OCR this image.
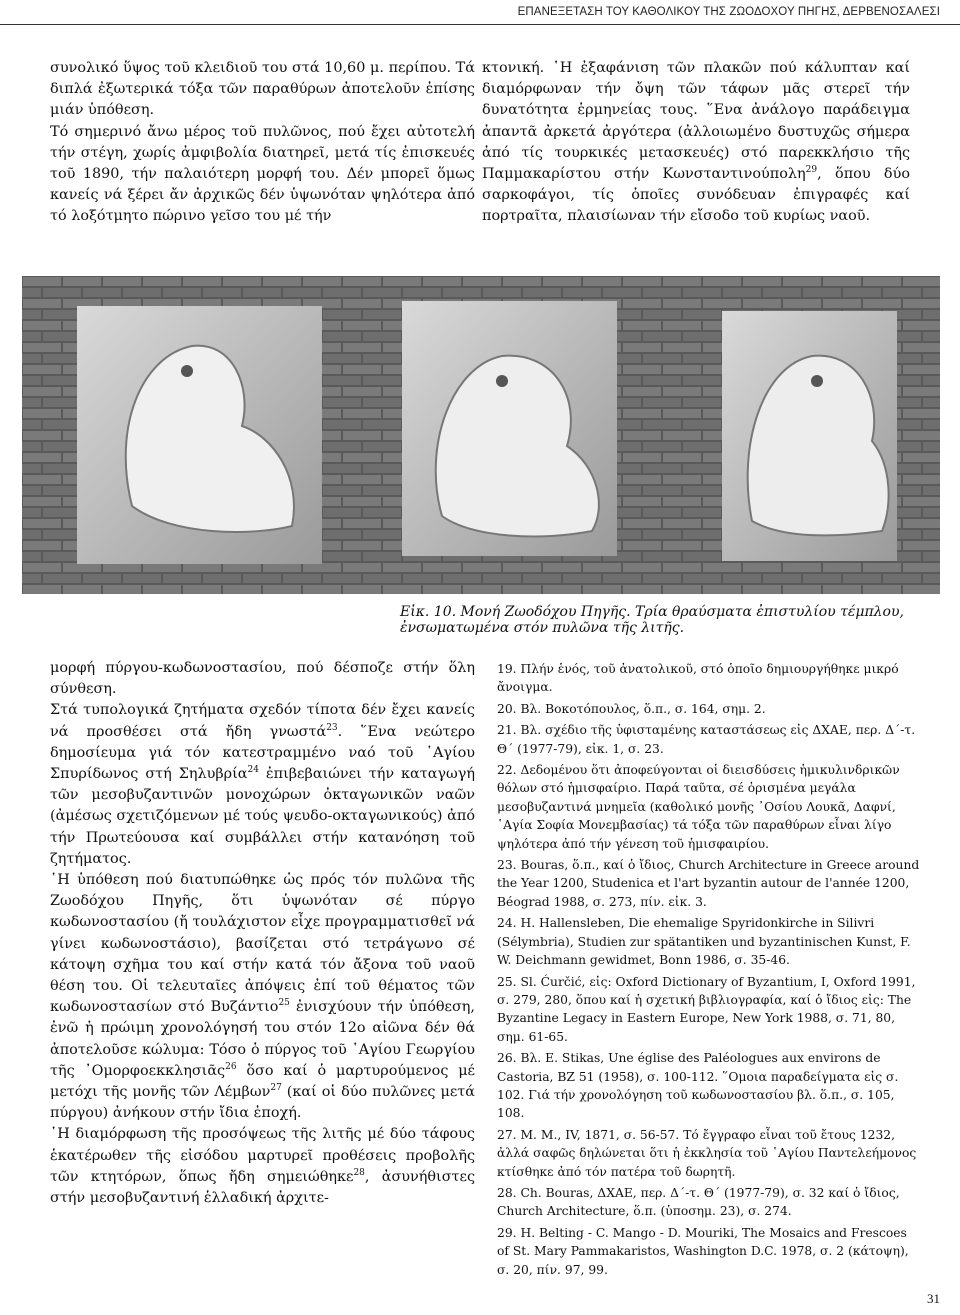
ΕΠΑΝΕΞΕΤΑΣΗ ΤΟΥ ΚΑΘΟΛΙΚΟΥ ΤΗΣ ΖΩΟΔΟΧΟΥ ΠΗΓΗΣ, ΔΕΡΒΕΝΟΣΑΛΕΣΙ

συνολικό ὕψος τοῦ κλειδιοῦ του στά 10,60 μ. περίπου. Τά διπλά ἐξωτερικά τόξα τῶν παραθύρων ἀποτελοῦν ἐπίσης μιάν ὑπόθεση.

Τό σημερινό ἄνω μέρος τοῦ πυλῶνος, πού ἔχει αὐτοτελή τήν στέγη, χωρίς ἀμφιβολία διατηρεῖ, μετά τίς ἐπισκευές τοῦ 1890, τήν παλαιότερη μορφή του. Δέν μπορεῖ ὅμως κανείς νά ξέρει ἄν ἀρχικῶς δέν ὑψωνόταν ψηλότερα ἀπό τό λοξότμητο πώρινο γεῖσο του μέ τήν

κτονική. ῾Η ἐξαφάνιση τῶν πλακῶν πού κάλυπταν καί διαμόρφωναν τήν ὄψη τῶν τάφων μᾶς στερεῖ τήν δυνατότητα ἑρμηνείας τους. ῞Ενα ἀνάλογο παράδειγμα ἀπαντᾶ ἀρκετά ἀργότερα (ἀλλοιωμένο δυστυχῶς σήμερα ἀπό τίς τουρκικές μετασκευές) στό παρεκκλήσιο τῆς Παμμακαρίστου στήν Κωνσταντινούπολη$^{29}$, ὅπου δύο σαρκοφάγοι, τίς ὁποῖες συνόδευαν ἐπιγραφές καί πορτραῖτα, πλαισίωναν τήν εἴσοδο τοῦ κυρίως ναοῦ.

Εἰκ. 10. Μονή Ζωοδόχου Πηγῆς. Τρία θραύσματα ἐπιστυλίου τέμπλου, ἐνσωματωμένα στόν πυλῶνα τῆς λιτῆς.

μορφή πύργου-κωδωνοστασίου, πού δέσποζε στήν ὅλη σύνθεση.

Στά τυπολογικά ζητήματα σχεδόν τίποτα δέν ἔχει κανείς νά προσθέσει στά ἤδη γνωστά$^{23}$. ῞Ενα νεώτερο δημοσίευμα γιά τόν κατεστραμμένο ναό τοῦ ῾Αγίου Σπυρίδωνος στή Σηλυβρία$^{24}$ ἐπιβεβαιώνει τήν καταγωγή τῶν μεσοβυζαντινῶν μονοχώρων ὀκταγωνικῶν ναῶν (ἀμέσως σχετιζόμενων μέ τούς ψευδο-οκταγωνικούς) ἀπό τήν Πρωτεύουσα καί συμβάλλει στήν κατανόηση τοῦ ζητήματος.

῾Η ὑπόθεση πού διατυπώθηκε ὡς πρός τόν πυλῶνα τῆς Ζωοδόχου Πηγῆς, ὅτι ὑψωνόταν σέ πύργο κωδωνοστασίου (ἤ τουλάχιστον εἶχε προγραμματισθεῖ νά γίνει κωδωνοστάσιο), βασίζεται στό τετράγωνο σέ κάτοψη σχῆμα του καί στήν κατά τόν ἄξονα τοῦ ναοῦ θέση του. Οἱ τελευταῖες ἀπόψεις ἐπί τοῦ θέματος τῶν κωδωνοστασίων στό Βυζάντιο$^{25}$ ἐνισχύουν τήν ὑπόθεση, ἐνῶ ἡ πρώιμη χρονολόγησή του στόν 12ο αἰῶνα δέν θά ἀποτελοῦσε κώλυμα: Τόσο ὁ πύργος τοῦ ῾Αγίου Γεωργίου τῆς ᾿Ομορφοεκκλησιᾶς$^{26}$ ὅσο καί ὁ μαρτυρούμενος μέ μετόχι τῆς μονῆς τῶν Λέμβων$^{27}$ (καί οἱ δύο πυλῶνες μετά πύργου) ἀνήκουν στήν ἴδια ἐποχή.

῾Η διαμόρφωση τῆς προσόψεως τῆς λιτῆς μέ δύο τάφους ἑκατέρωθεν τῆς εἰσόδου μαρτυρεῖ προθέσεις προβολῆς τῶν κτητόρων, ὅπως ἤδη σημειώθηκε$^{28}$, ἀσυνήθιστες στήν μεσοβυζαντινή ἑλλαδική ἀρχιτε-

19. Πλήν ἑνός, τοῦ ἀνατολικοῦ, στό ὁποῖο δημιουργήθηκε μικρό ἄνοιγμα.

20. Βλ. Βοκοτόπουλος, ὅ.π., σ. 164, σημ. 2.

21. Βλ. σχέδιο τῆς ὑφισταμένης καταστάσεως εἰς ΔΧΑΕ, περ. Δ΄-τ. Θ΄ (1977-79), εἰκ. 1, σ. 23.

22. Δεδομένου ὅτι ἀποφεύγονται οἱ διεισδύσεις ἡμικυλινδρικῶν θόλων στό ἡμισφαίριο. Παρά ταῦτα, σέ ὁρισμένα μεγάλα μεσοβυζαντινά μνημεῖα (καθολικό μονῆς ᾿Οσίου Λουκᾶ, Δαφνί, ῾Αγία Σοφία Μονεμβασίας) τά τόξα τῶν παραθύρων εἶναι λίγο ψηλότερα ἀπό τήν γένεση τοῦ ἡμισφαιρίου.

23. Bouras, ὅ.π., καί ὁ ἴδιος, Church Architecture in Greece around the Year 1200, Studenica et l'art byzantin autour de l'année 1200, Béograd 1988, σ. 273, πίν. εἰκ. 3.

24. H. Hallensleben, Die ehemalige Spyridonkirche in Silivri (Sélymbria), Studien zur spätantiken und byzantinischen Kunst, F. W. Deichmann gewidmet, Bonn 1986, σ. 35-46.

25. Sl. Ćurčić, εἰς: Oxford Dictionary of Byzantium, I, Oxford 1991, σ. 279, 280, ὅπου καί ἡ σχετική βιβλιογραφία, καί ὁ ἴδιος εἰς: The Byzantine Legacy in Eastern Europe, New York 1988, σ. 71, 80, σημ. 61-65.

26. Βλ. E. Stikas, Une église des Paléologues aux environs de Castoria, BZ 51 (1958), σ. 100-112. ῞Ομοια παραδείγματα εἰς σ. 102. Γιά τήν χρονολόγηση τοῦ κωδωνοστασίου βλ. ὅ.π., σ. 105, 108.

27. M. M., IV, 1871, σ. 56-57. Τό ἔγγραφο εἶναι τοῦ ἔτους 1232, ἀλλά σαφῶς δηλώνεται ὅτι ἡ ἐκκλησία τοῦ ῾Αγίου Παντελεήμονος κτίσθηκε ἀπό τόν πατέρα τοῦ δωρητῆ.

28. Ch. Bouras, ΔΧΑΕ, περ. Δ΄-τ. Θ΄ (1977-79), σ. 32 καί ὁ ἴδιος, Church Architecture, ὅ.π. (ὑποσημ. 23), σ. 274.

29. H. Belting - C. Mango - D. Mouriki, The Mosaics and Frescoes of St. Mary Pammakaristos, Washington D.C. 1978, σ. 2 (κάτοψη), σ. 20, πίν. 97, 99.

31
